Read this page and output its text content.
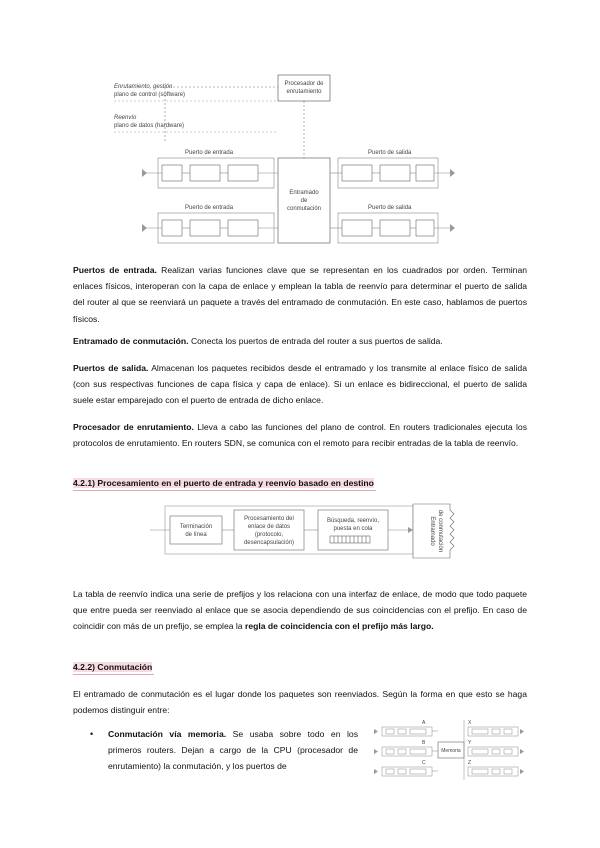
Enrutamiento, gestión
plano de control (software)
Reenvío
plano de datos (hardware)
Procesador de
enrutamiento
Puerto de entrada
Puerto de entrada
Entramado
de
conmutación
Puerto de salida
Puerto de salida

Puertos de entrada. Realizan varias funciones clave que se representan en los cuadrados por orden. Terminan enlaces físicos, interoperan con la capa de enlace y emplean la tabla de reenvío para determinar el puerto de salida del router al que se reenviará un paquete a través del entramado de conmutación. En este caso, hablamos de puertos físicos.

Entramado de conmutación. Conecta los puertos de entrada del router a sus puertos de salida.

Puertos de salida. Almacenan los paquetes recibidos desde el entramado y los transmite al enlace físico de salida (con sus respectivas funciones de capa física y capa de enlace). Si un enlace es bidireccional, el puerto de salida suele estar emparejado con el puerto de entrada de dicho enlace.

Procesador de enrutamiento. Lleva a cabo las funciones del plano de control. En routers tradicionales ejecuta los protocolos de enrutamiento. En routers SDN, se comunica con el remoto para recibir entradas de la tabla de reenvío.

4.2.1) Procesamiento en el puerto de entrada y reenvío basado en destino
Terminación
de línea
Procesamiento del
enlace de datos
(protocolo,
desencapsulación)
Búsqueda, reenvío,
puesta en cola	Entramado de conmutación

La tabla de reenvío indica una serie de prefijos y los relaciona con una interfaz de enlace, de modo que todo paquete que entre pueda ser reenviado al enlace que se asocia dependiendo de sus coincidencias con el prefijo. En caso de coincidir con más de un prefijo, se emplea la regla de coincidencia con el prefijo más largo.

4.2.2) Conmutación

El entramado de conmutación es el lugar donde los paquetes son reenviados. Según la forma en que esto se haga podemos distinguir entre:

• Conmutación vía memoria. Se usaba sobre todo en los primeros routers. Dejan a cargo de la CPU (procesador de enrutamiento) la conmutación, y los puertos de

A
B
C
X
Y
Z
Memoria
